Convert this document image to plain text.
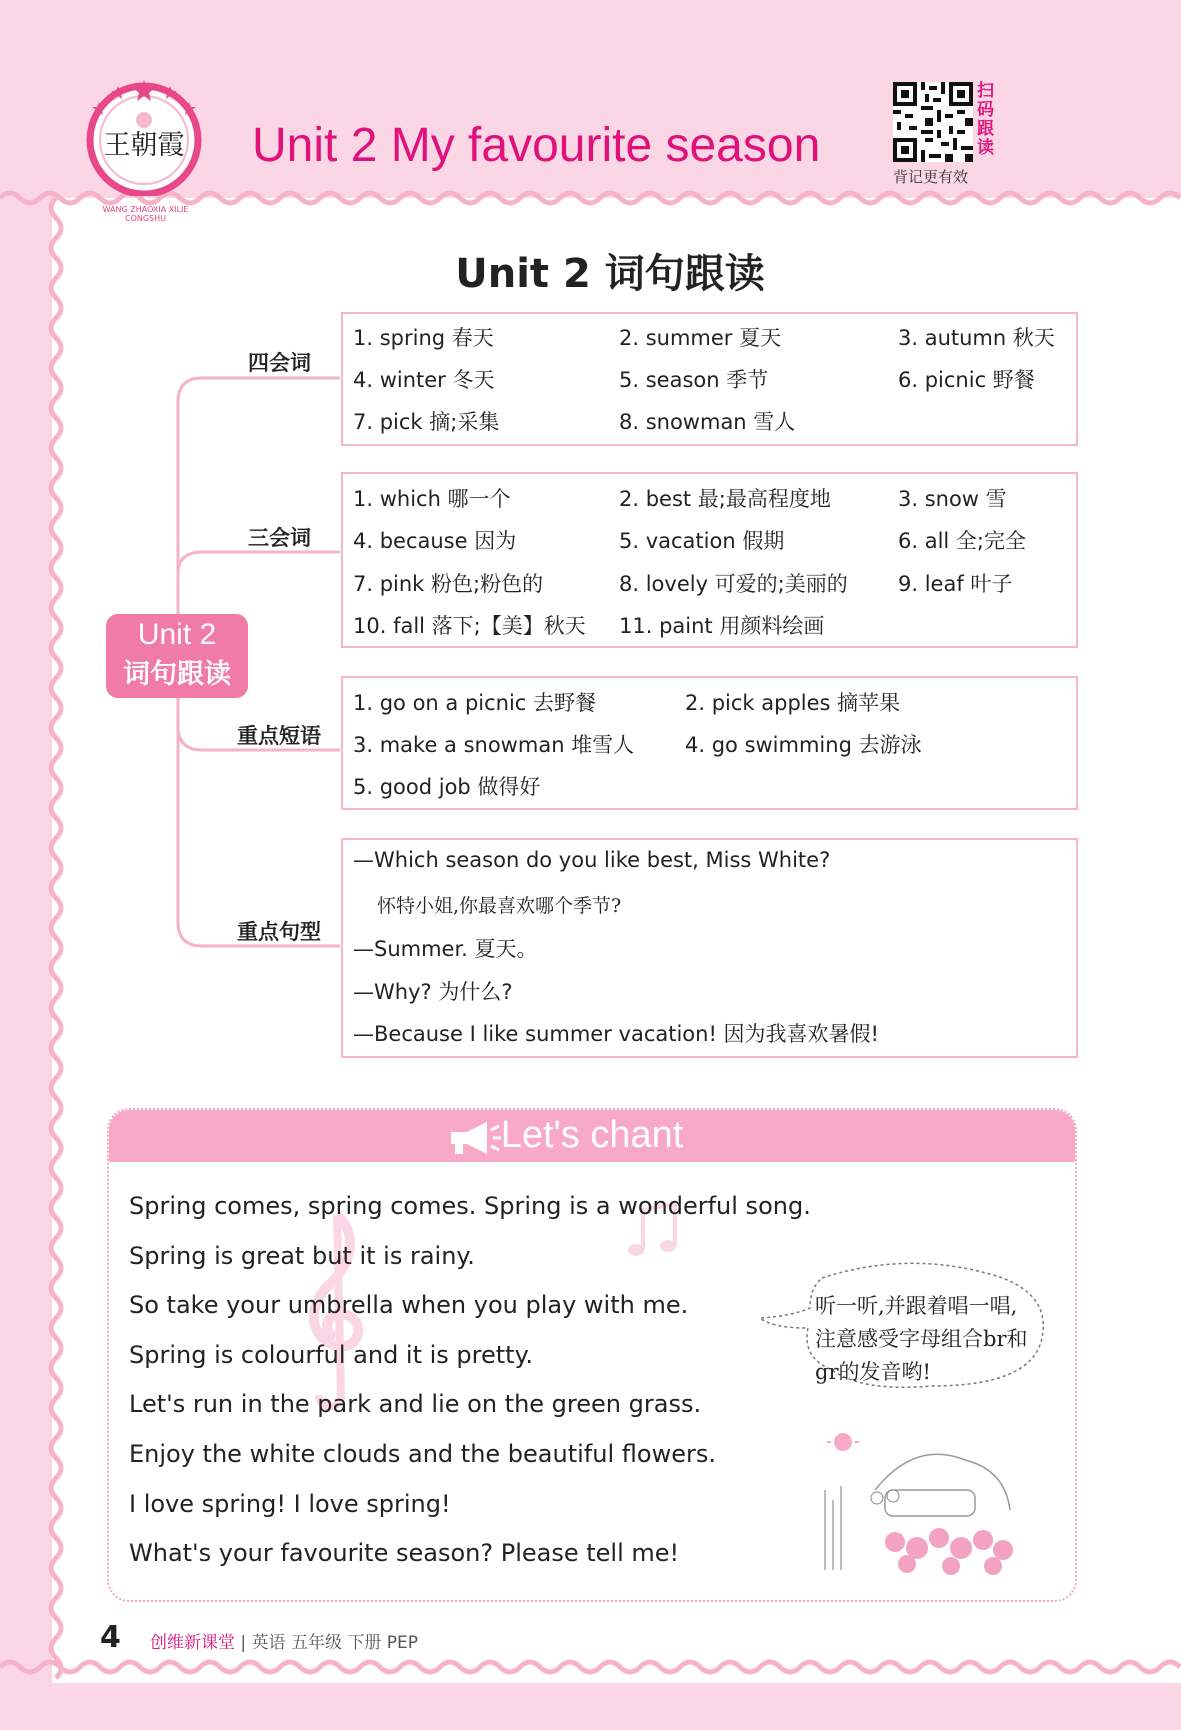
王朝霞
WANG ZHAOXIA XILIE CONGSHU
Unit 2 My favourite season
扫码跟读
背记更有效
Unit 2 词句跟读
Unit 2
词句跟读
四会词
三会词
重点短语
重点句型
1. spring 春天	2. summer 夏天	3. autumn 秋天
4. winter 冬天	5. season 季节	6. picnic 野餐
7. pick 摘;采集	8. snowman 雪人
1. which 哪一个	2. best 最;最高程度地	3. snow 雪
4. because 因为	5. vacation 假期	6. all 全;完全
7. pink 粉色;粉色的	8. lovely 可爱的;美丽的 9. leaf 叶子
10. fall 落下;【美】秋天 11. paint 用颜料绘画
1. go on a picnic 去野餐	2. pick apples 摘苹果
3. make a snowman 堆雪人 4. go swimming 去游泳
5. good job 做得好
—Which season do you like best, Miss White?
怀特小姐,你最喜欢哪个季节?
—Summer. 夏天。
—Why? 为什么?
—Because I like summer vacation! 因为我喜欢暑假!
Let's chant
Spring comes, spring comes. Spring is a wonderful song.
Spring is great but it is rainy.
So take your umbrella when you play with me.
Spring is colourful and it is pretty.
Let's run in the park and lie on the green grass.
Enjoy the white clouds and the beautiful flowers.
I love spring! I love spring!
What's your favourite season? Please tell me!
听一听,并跟着唱一唱,注意感受字母组合br和gr的发音哟!
4 创维新课堂 | 英语 五年级 下册 PEP
